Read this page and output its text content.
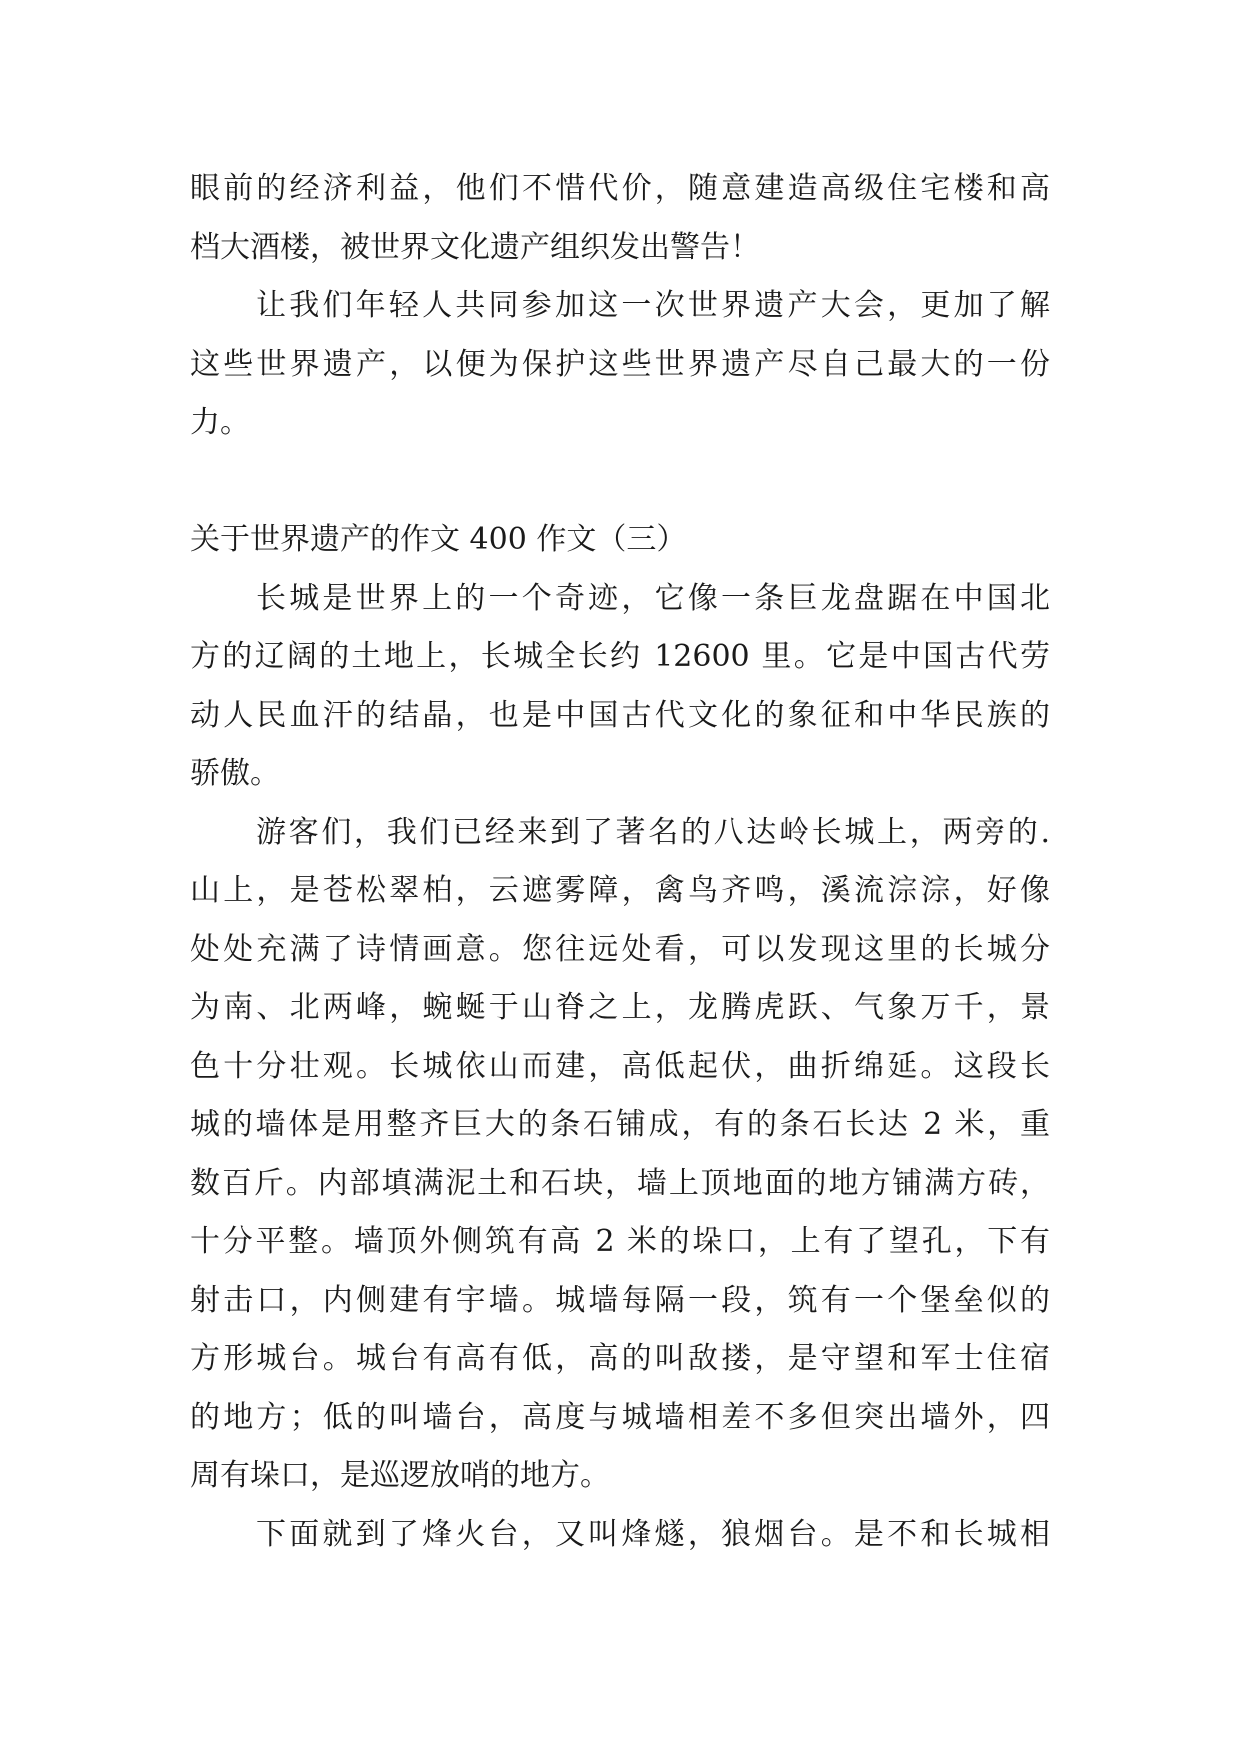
眼前的经济利益，他们不惜代价，随意建造高级住宅楼和高
档大酒楼，被世界文化遗产组织发出警告！
让我们年轻人共同参加这一次世界遗产大会，更加了解
这些世界遗产，以便为保护这些世界遗产尽自己最大的一份
力。
关于世界遗产的作文 400 作文（三）
长城是世界上的一个奇迹，它像一条巨龙盘踞在中国北
方的辽阔的土地上，长城全长约 12600 里。它是中国古代劳
动人民血汗的结晶，也是中国古代文化的象征和中华民族的
骄傲。
游客们，我们已经来到了著名的八达岭长城上，两旁的.
山上，是苍松翠柏，云遮雾障，禽鸟齐鸣，溪流淙淙，好像
处处充满了诗情画意。您往远处看，可以发现这里的长城分
为南、北两峰，蜿蜒于山脊之上，龙腾虎跃、气象万千，景
色十分壮观。长城依山而建，高低起伏，曲折绵延。这段长
城的墙体是用整齐巨大的条石铺成，有的条石长达 2 米，重
数百斤。内部填满泥土和石块，墙上顶地面的地方铺满方砖，
十分平整。墙顶外侧筑有高 2 米的垛口，上有了望孔，下有
射击口，内侧建有宇墙。城墙每隔一段，筑有一个堡垒似的
方形城台。城台有高有低，高的叫敌搂，是守望和军士住宿
的地方；低的叫墙台，高度与城墙相差不多但突出墙外，四
周有垛口，是巡逻放哨的地方。
下面就到了烽火台，又叫烽燧，狼烟台。是不和长城相
